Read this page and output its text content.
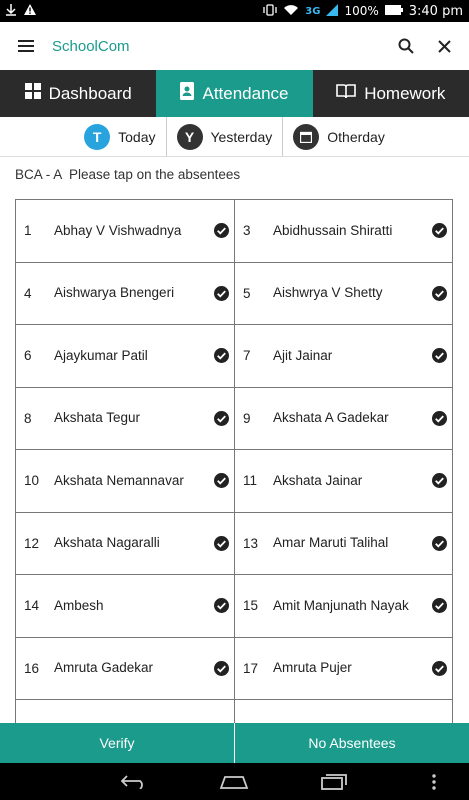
3G 100% 3:40 pm
SchoolCom
Dashboard	Attendance	Homework
T	Today	Y	Yesterday	Otherday
BCA - A  Please tap on the absentees
1	Abhay V Vishwadnya	3	Abidhussain Shiratti
4	Aishwarya Bnengeri	5	Aishwrya V Shetty
6	Ajaykumar Patil	7	Ajit Jainar
8	Akshata Tegur	9	Akshata A Gadekar
10	Akshata Nemannavar	11	Akshata Jainar
12	Akshata Nagaralli	13	Amar Maruti Talihal
14	Ambesh	15	Amit Manjunath Nayak
16	Amruta Gadekar	17	Amruta Pujer
Verify	No Absentees
